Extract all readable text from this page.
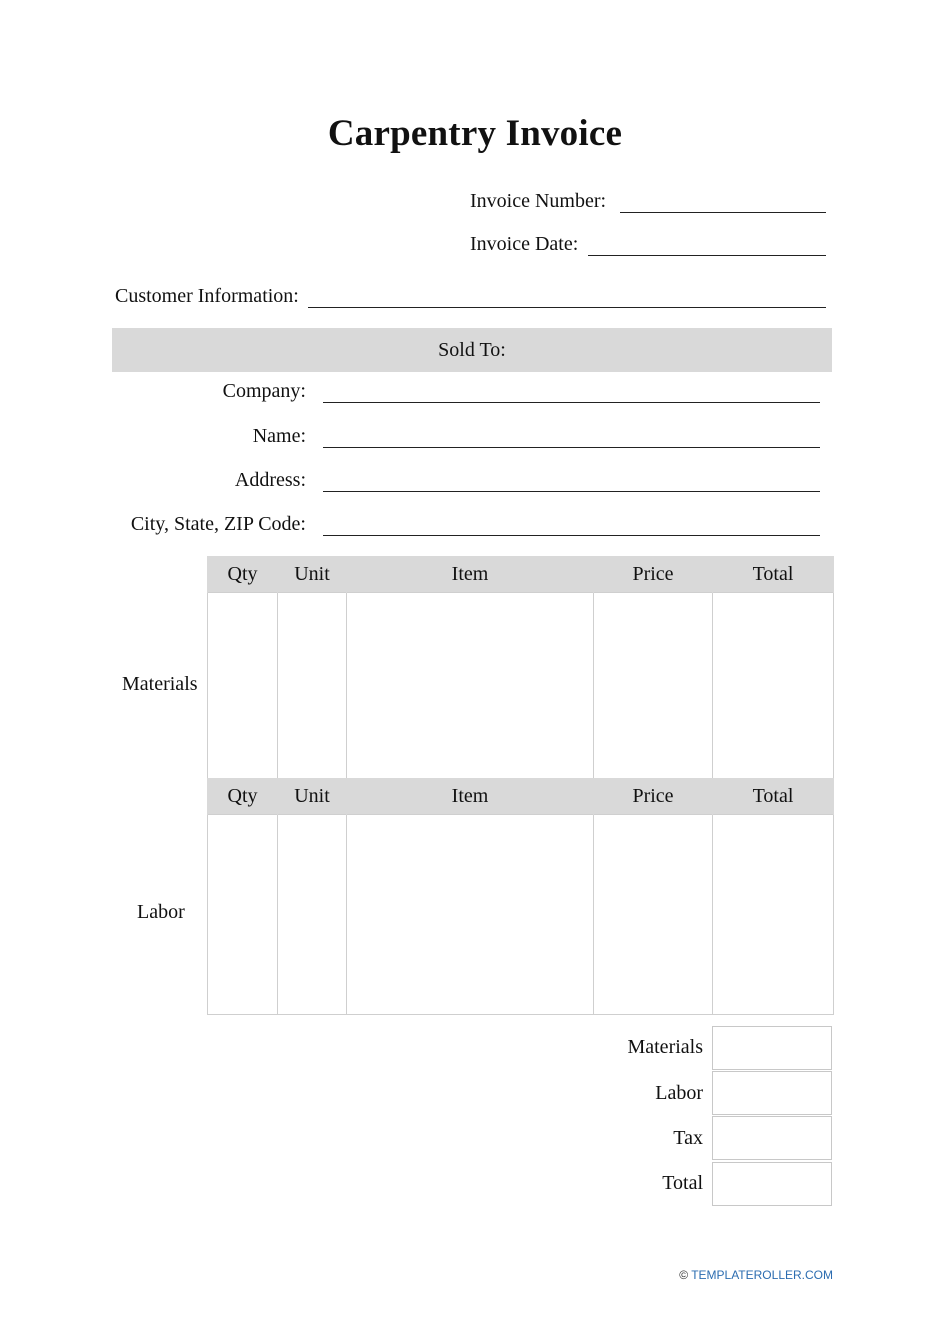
Carpentry Invoice
Invoice Number:
Invoice Date:
Customer Information:
Sold To:
Company:
Name:
Address:
City, State, ZIP Code:
Materials
Qty	Unit	Item	Price	Total

Labor
Qty	Unit	Item	Price	Total

Materials
Labor
Tax
Total
© TEMPLATEROLLER.COM
